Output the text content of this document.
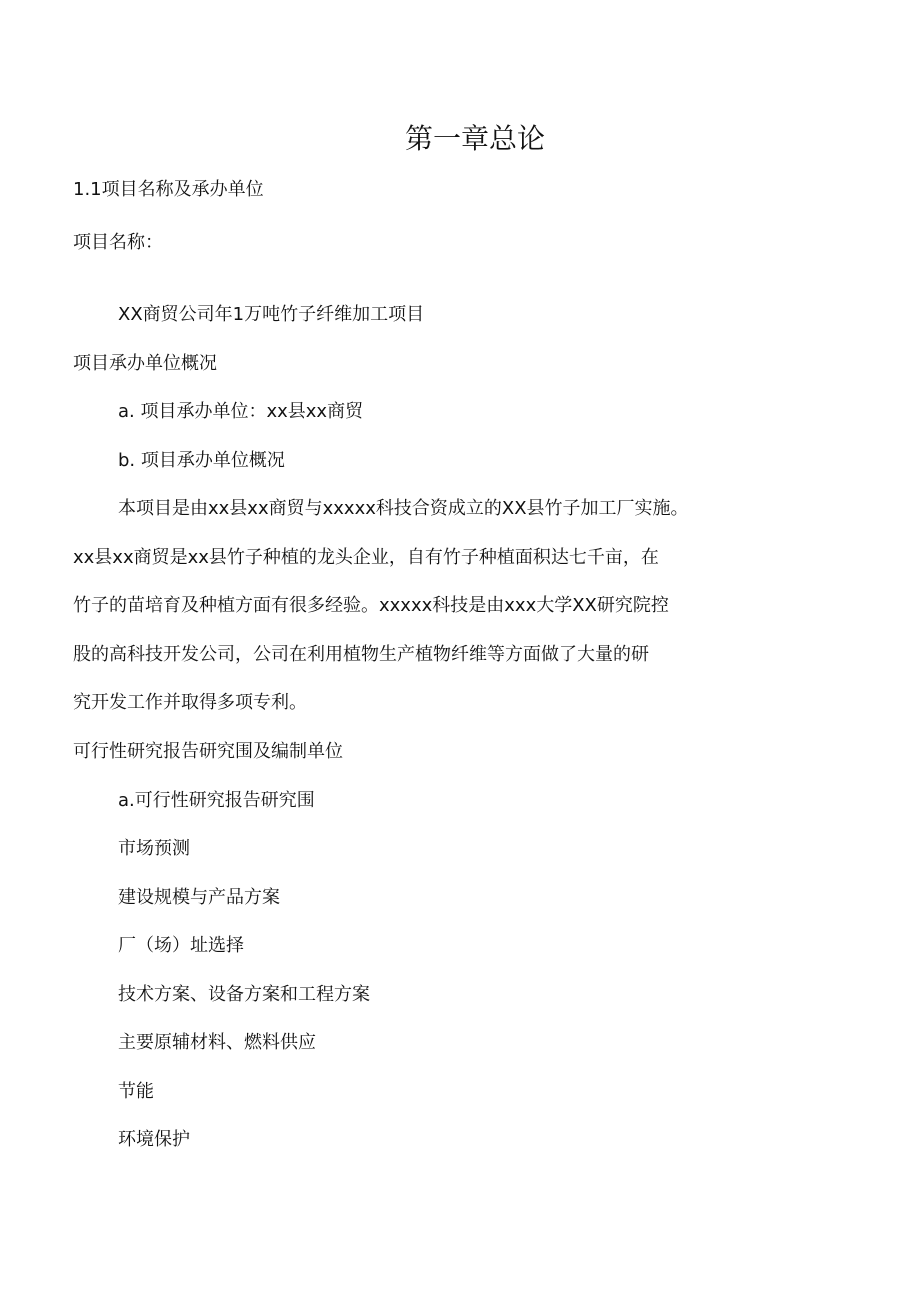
第一章总论
1.1项目名称及承办单位
项目名称：
XX商贸公司年1万吨竹子纤维加工项目
项目承办单位概况
a. 项目承办单位：xx县xx商贸
b. 项目承办单位概况
本项目是由xx县xx商贸与xxxxx科技合资成立的XX县竹子加工厂实施。
xx县xx商贸是xx县竹子种植的龙头企业，自有竹子种植面积达七千亩，在
竹子的苗培育及种植方面有很多经验。xxxxx科技是由xxx大学XX研究院控
股的高科技开发公司，公司在利用植物生产植物纤维等方面做了大量的研
究开发工作并取得多项专利。
可行性研究报告研究围及编制单位
a.可行性研究报告研究围
市场预测
建设规模与产品方案
厂（场）址选择
技术方案、设备方案和工程方案
主要原辅材料、燃料供应
节能
环境保护
